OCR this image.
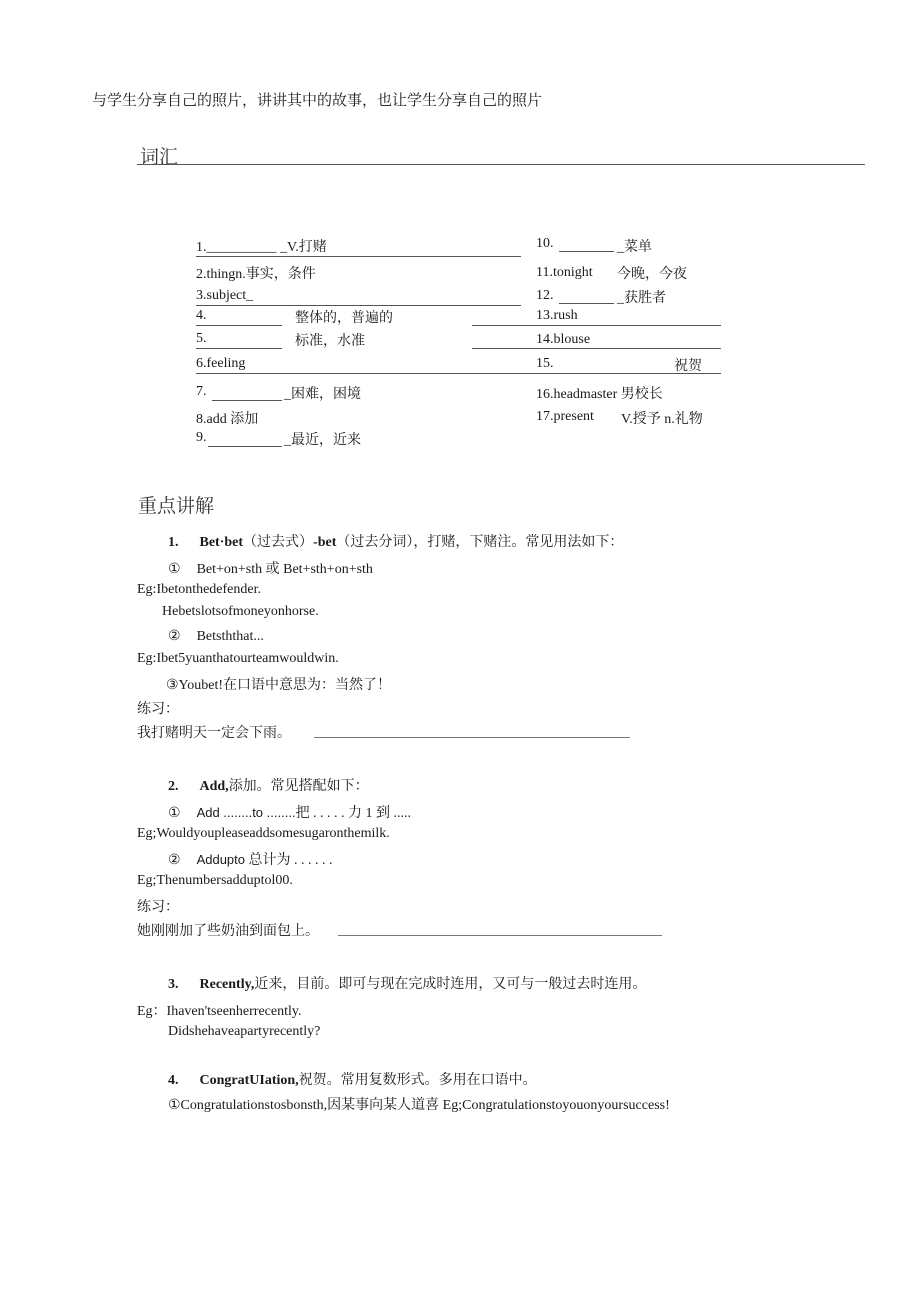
与学生分享自己的照片，讲讲其中的故事，也让学生分享自己的照片
词汇
1.__________ _V.打赌
2.thingn.事实，条件
3.subject_
4.	整体的，普遍的
5.	标准，水准
6.feeling
7.	_困难，困境
8.add 添加
9.	_最近，近来
10.	_菜单
11.tonight 今晚，今夜
12.	_获胜者
13.rush
14.blouse
15.	祝贺
16.headmaster 男校长
17.present V.授予 n.礼物
重点讲解
1. Bet·bet（过去式）-bet（过去分词），打赌，下赌注。常见用法如下：
① Bet+on+sth 或 Bet+sth+on+sth
Eg:Ibetonthedefender.
Hebetslotsofmoneyonhorse.
② Betsththat...
Eg:Ibet5yuanthatourteamwouldwin.
③Youbet!在口语中意思为：当然了！
练习：
我打赌明天一定会下雨。
2. Add,添加。常见搭配如下：
① Add ........to ........把 . . . . . 力 1 到 .....
Eg;Wouldyoupleaseaddsomesugaronthemilk.
② Addupto 总计为 . . . . . .
Eg;Thenumbersadduptol00.
练习：
她刚刚加了些奶油到面包上。
3. Recently,近来，目前。即可与现在完成时连用，又可与一般过去时连用。
Eg：Ihaven'tseenherrecently.
Didshehaveapartyrecently?
4. CongratUIation,祝贺。常用复数形式。多用在口语中。
①Congratulationstosbonsth,因某事向某人道喜 Eg;Congratulationstoyouonyoursuccess!
